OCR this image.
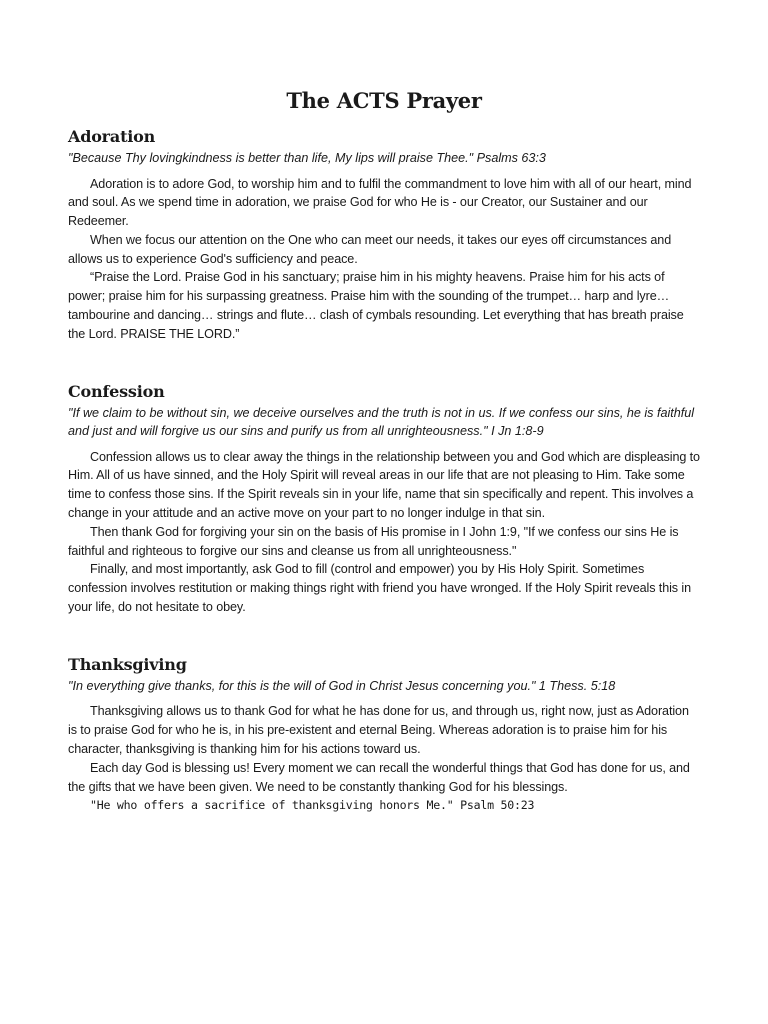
The ACTS Prayer
Adoration

"Because Thy lovingkindness is better than life, My lips will praise Thee." Psalms 63:3

Adoration is to adore God, to worship him and to fulfil the commandment to love him with all of our heart, mind and soul. As we spend time in adoration, we praise God for who He is - our Creator, our Sustainer and our Redeemer.

When we focus our attention on the One who can meet our needs, it takes our eyes off circumstances and allows us to experience God's sufficiency and peace.

“Praise the Lord. Praise God in his sanctuary; praise him in his mighty heavens. Praise him for his acts of power; praise him for his surpassing greatness. Praise him with the sounding of the trumpet… harp and lyre… tambourine and dancing… strings and flute… clash of cymbals resounding. Let everything that has breath praise the Lord. PRAISE THE LORD.”

Confession

"If we claim to be without sin, we deceive ourselves and the truth is not in us. If we confess our sins, he is faithful and just and will forgive us our sins and purify us from all unrighteousness." I Jn 1:8-9

Confession allows us to clear away the things in the relationship between you and God which are displeasing to Him. All of us have sinned, and the Holy Spirit will reveal areas in our life that are not pleasing to Him. Take some time to confess those sins. If the Spirit reveals sin in your life, name that sin specifically and repent. This involves a change in your attitude and an active move on your part to no longer indulge in that sin.

Then thank God for forgiving your sin on the basis of His promise in I John 1:9, "If we confess our sins He is faithful and righteous to forgive our sins and cleanse us from all unrighteousness."

Finally, and most importantly, ask God to fill (control and empower) you by His Holy Spirit. Sometimes confession involves restitution or making things right with friend you have wronged. If the Holy Spirit reveals this in your life, do not hesitate to obey.

Thanksgiving

"In everything give thanks, for this is the will of God in Christ Jesus concerning you." 1 Thess. 5:18

Thanksgiving allows us to thank God for what he has done for us, and through us, right now, just as Adoration is to praise God for who he is, in his pre-existent and eternal Being. Whereas adoration is to praise him for his character, thanksgiving is thanking him for his actions toward us.

Each day God is blessing us! Every moment we can recall the wonderful things that God has done for us, and the gifts that we have been given. We need to be constantly thanking God for his blessings.

"He who offers a sacrifice of thanksgiving honors Me." Psalm 50:23
